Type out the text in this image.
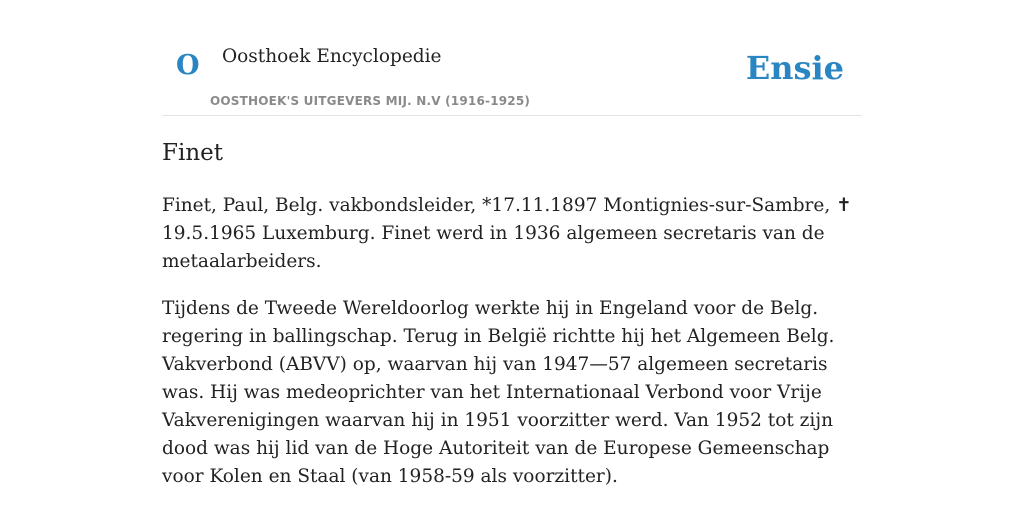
O Oosthoek Encyclopedie
OOSTHOEK'S UITGEVERS MIJ. N.V (1916-1925)
Ensie
Finet

Finet, Paul, Belg. vakbondsleider, *17.11.1897 Montignies-sur-Sambre, ✝ 19.5.1965 Luxemburg. Finet werd in 1936 algemeen secretaris van de metaalarbeiders.

Tijdens de Tweede Wereldoorlog werkte hij in Engeland voor de Belg. regering in ballingschap. Terug in België richtte hij het Algemeen Belg. Vakverbond (ABVV) op, waarvan hij van 1947—57 algemeen secretaris was. Hij was medeoprichter van het Internationaal Verbond voor Vrije Vakverenigingen waarvan hij in 1951 voorzitter werd. Van 1952 tot zijn dood was hij lid van de Hoge Autoriteit van de Europese Gemeenschap voor Kolen en Staal (van 1958-59 als voorzitter).
